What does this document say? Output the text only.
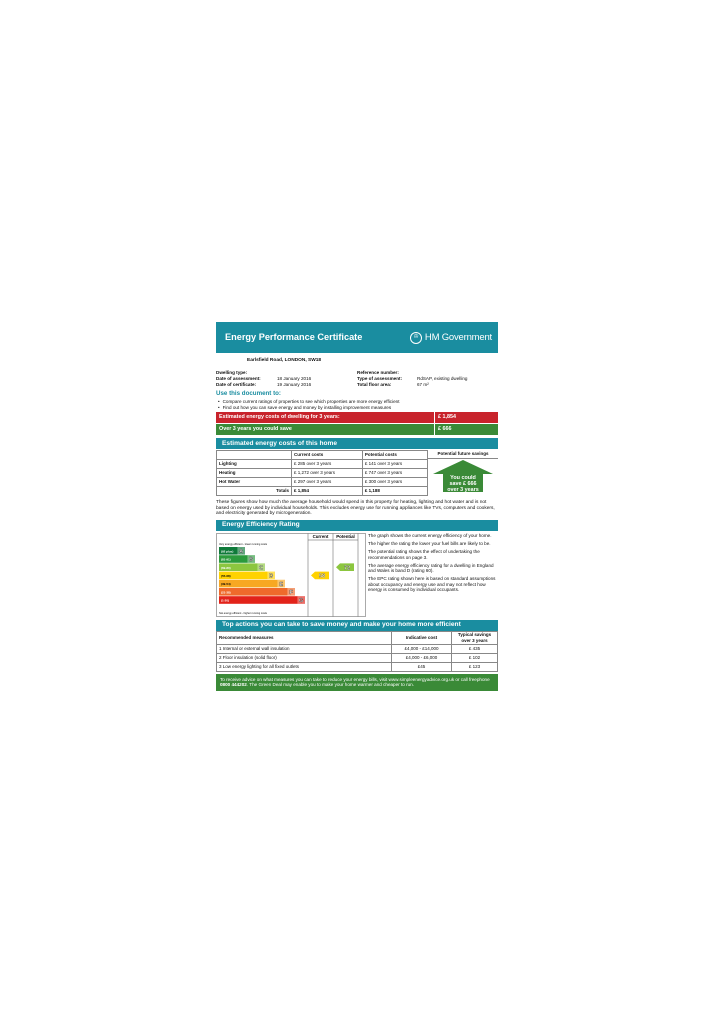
Energy Performance Certificate	♔ HM Government
Earlsfield Road, LONDON, SW18
Dwelling type:
Date of assessment:	18 January 2016
Date of certificate:	19 January 2016
Reference number:
Type of assessment:	RdSAP, existing dwelling
Total floor area:	67 m²
Use this document to:
• Compare current ratings of properties to see which properties are more energy efficient
• Find out how you can save energy and money by installing improvement measures
Estimated energy costs of dwelling for 3 years:	£ 1,854
Over 3 years you could save	£ 666
Estimated energy costs of this home
	Current costs	Potential costs
Lighting	£ 285 over 3 years	£ 141 over 3 years
Heating	£ 1,272 over 3 years	£ 747 over 3 years
Hot Water	£ 297 over 3 years	£ 300 over 3 years
Totals	£ 1,854	£ 1,188
Potential future savings
You could
save £ 666
over 3 years
These figures show how much the average household would spend in this property for heating, lighting and hot water and is not based on energy used by individual households. This excludes energy use for running appliances like TVs, computers and cookers, and electricity generated by microgeneration.
Energy Efficiency Rating
Current Potential
Very energy efficient - lower running costs
Not energy efficient - higher running costs
(92 plus) A
(81-91)	B
(69-80)	C
(55-68)	D
(39-54)	E
(21-38)	F
(1-20)	G
58
72

The graph shows the current energy efficiency of your home.

The higher the rating the lower your fuel bills are likely to be.

The potential rating shows the effect of undertaking the recommendations on page 3.

The average energy efficiency rating for a dwelling in England and Wales is band D (rating 60).

The EPC rating shown here is based on standard assumptions about occupancy and energy use and may not reflect how energy is consumed by individual occupants.

Top actions you can take to save money and make your home more efficient
Recommended measures	Indicative cost	Typical savings over 3 years
1 Internal or external wall insulation	£4,000 - £14,000	£ 435
2 Floor insulation (solid floor)	£4,000 - £6,000	£ 102
3 Low energy lighting for all fixed outlets	£45	£ 123
To receive advice on what measures you can take to reduce your energy bills, visit www.simpleenergyadvice.org.uk or call freephone 0800 444202. The Green Deal may enable you to make your home warmer and cheaper to run.
